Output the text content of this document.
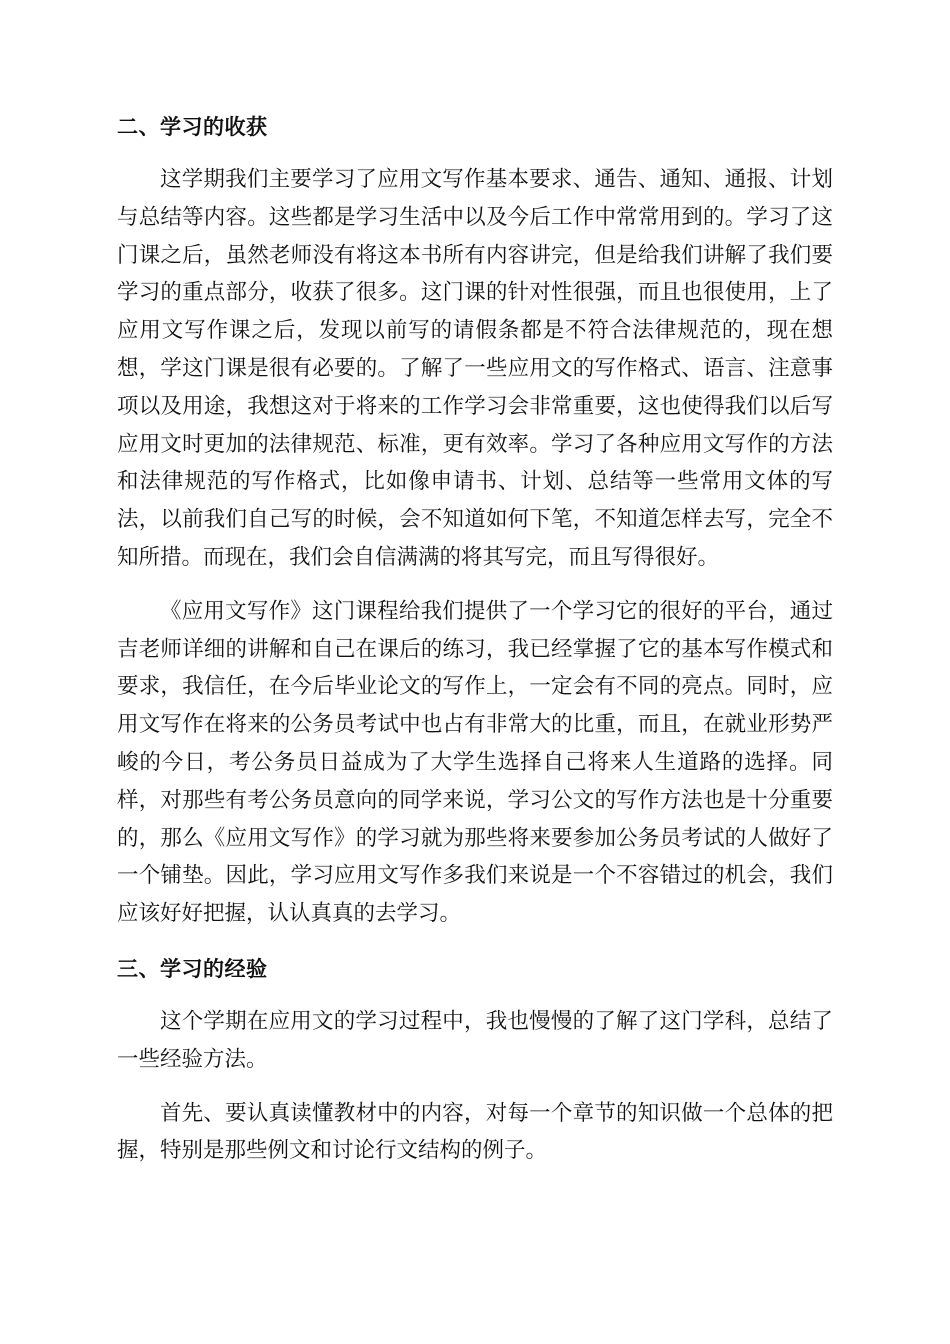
二、学习的收获

这学期我们主要学习了应用文写作基本要求、通告、通知、通报、计划与总结等内容。这些都是学习生活中以及今后工作中常常用到的。学习了这门课之后，虽然老师没有将这本书所有内容讲完，但是给我们讲解了我们要学习的重点部分，收获了很多。这门课的针对性很强，而且也很使用，上了应用文写作课之后，发现以前写的请假条都是不符合法律规范的，现在想想，学这门课是很有必要的。了解了一些应用文的写作格式、语言、注意事项以及用途，我想这对于将来的工作学习会非常重要，这也使得我们以后写应用文时更加的法律规范、标准，更有效率。学习了各种应用文写作的方法和法律规范的写作格式，比如像申请书、计划、总结等一些常用文体的写法，以前我们自己写的时候，会不知道如何下笔，不知道怎样去写，完全不知所措。而现在，我们会自信满满的将其写完，而且写得很好。

《应用文写作》这门课程给我们提供了一个学习它的很好的平台，通过吉老师详细的讲解和自己在课后的练习，我已经掌握了它的基本写作模式和要求，我信任，在今后毕业论文的写作上，一定会有不同的亮点。同时，应用文写作在将来的公务员考试中也占有非常大的比重，而且，在就业形势严峻的今日，考公务员日益成为了大学生选择自己将来人生道路的选择。同样，对那些有考公务员意向的同学来说，学习公文的写作方法也是十分重要的，那么《应用文写作》的学习就为那些将来要参加公务员考试的人做好了一个铺垫。因此，学习应用文写作多我们来说是一个不容错过的机会，我们应该好好把握，认认真真的去学习。

三、学习的经验

这个学期在应用文的学习过程中，我也慢慢的了解了这门学科，总结了一些经验方法。

首先、要认真读懂教材中的内容，对每一个章节的知识做一个总体的把握，特别是那些例文和讨论行文结构的例子。
